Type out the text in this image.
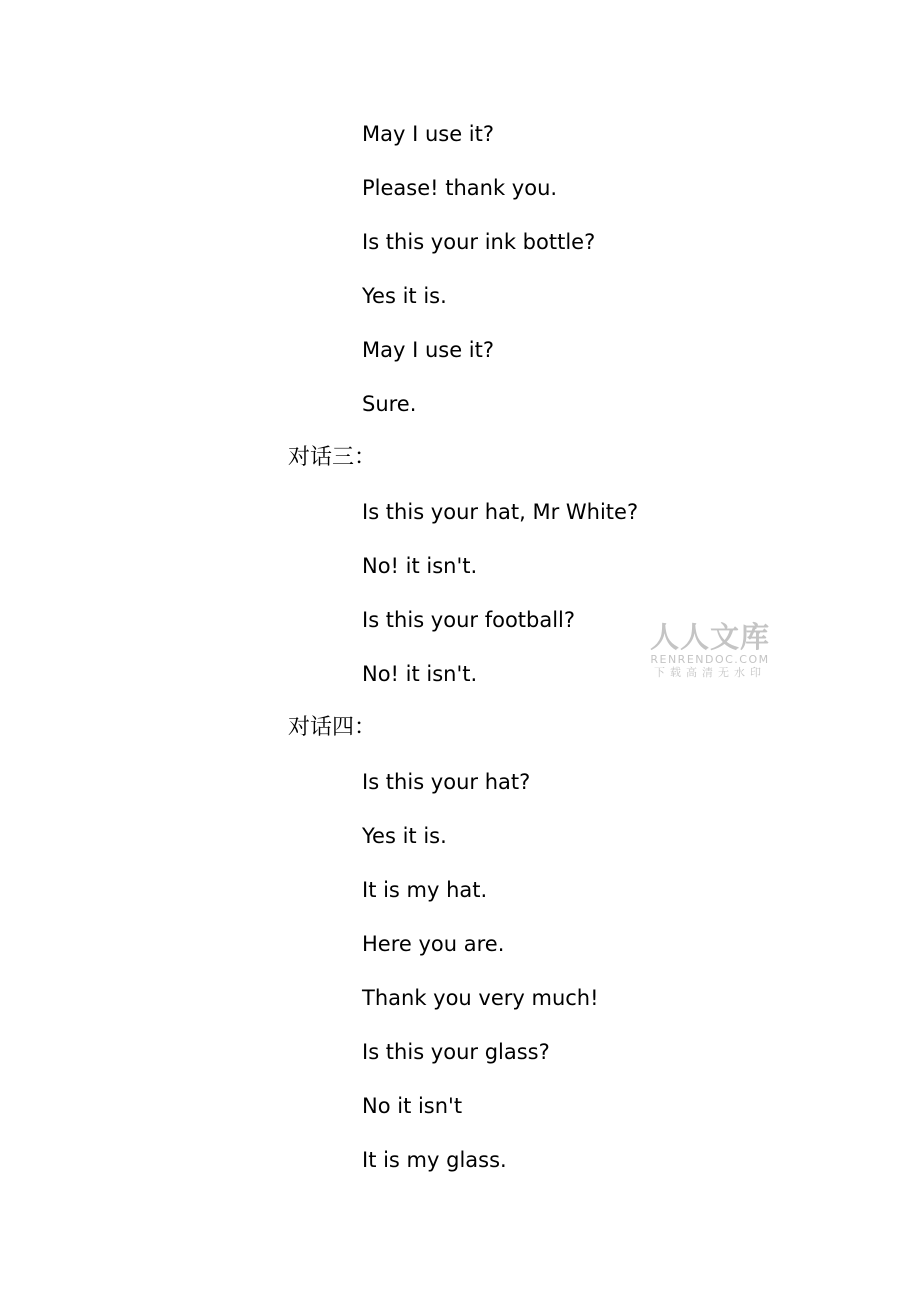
May I use it?
Please! thank you.
Is this your ink bottle?
Yes it is.
May I use it?
Sure.
对话三：
Is this your hat, Mr White?
No! it isn't.
Is this your football?
No! it isn't.
对话四：
Is this your hat?
Yes it is.
It is my hat.
Here you are.
Thank you very much!
Is this your glass?
No it isn't
It is my glass.
人人文库
RENRENDOC.COM
下载高清无水印
